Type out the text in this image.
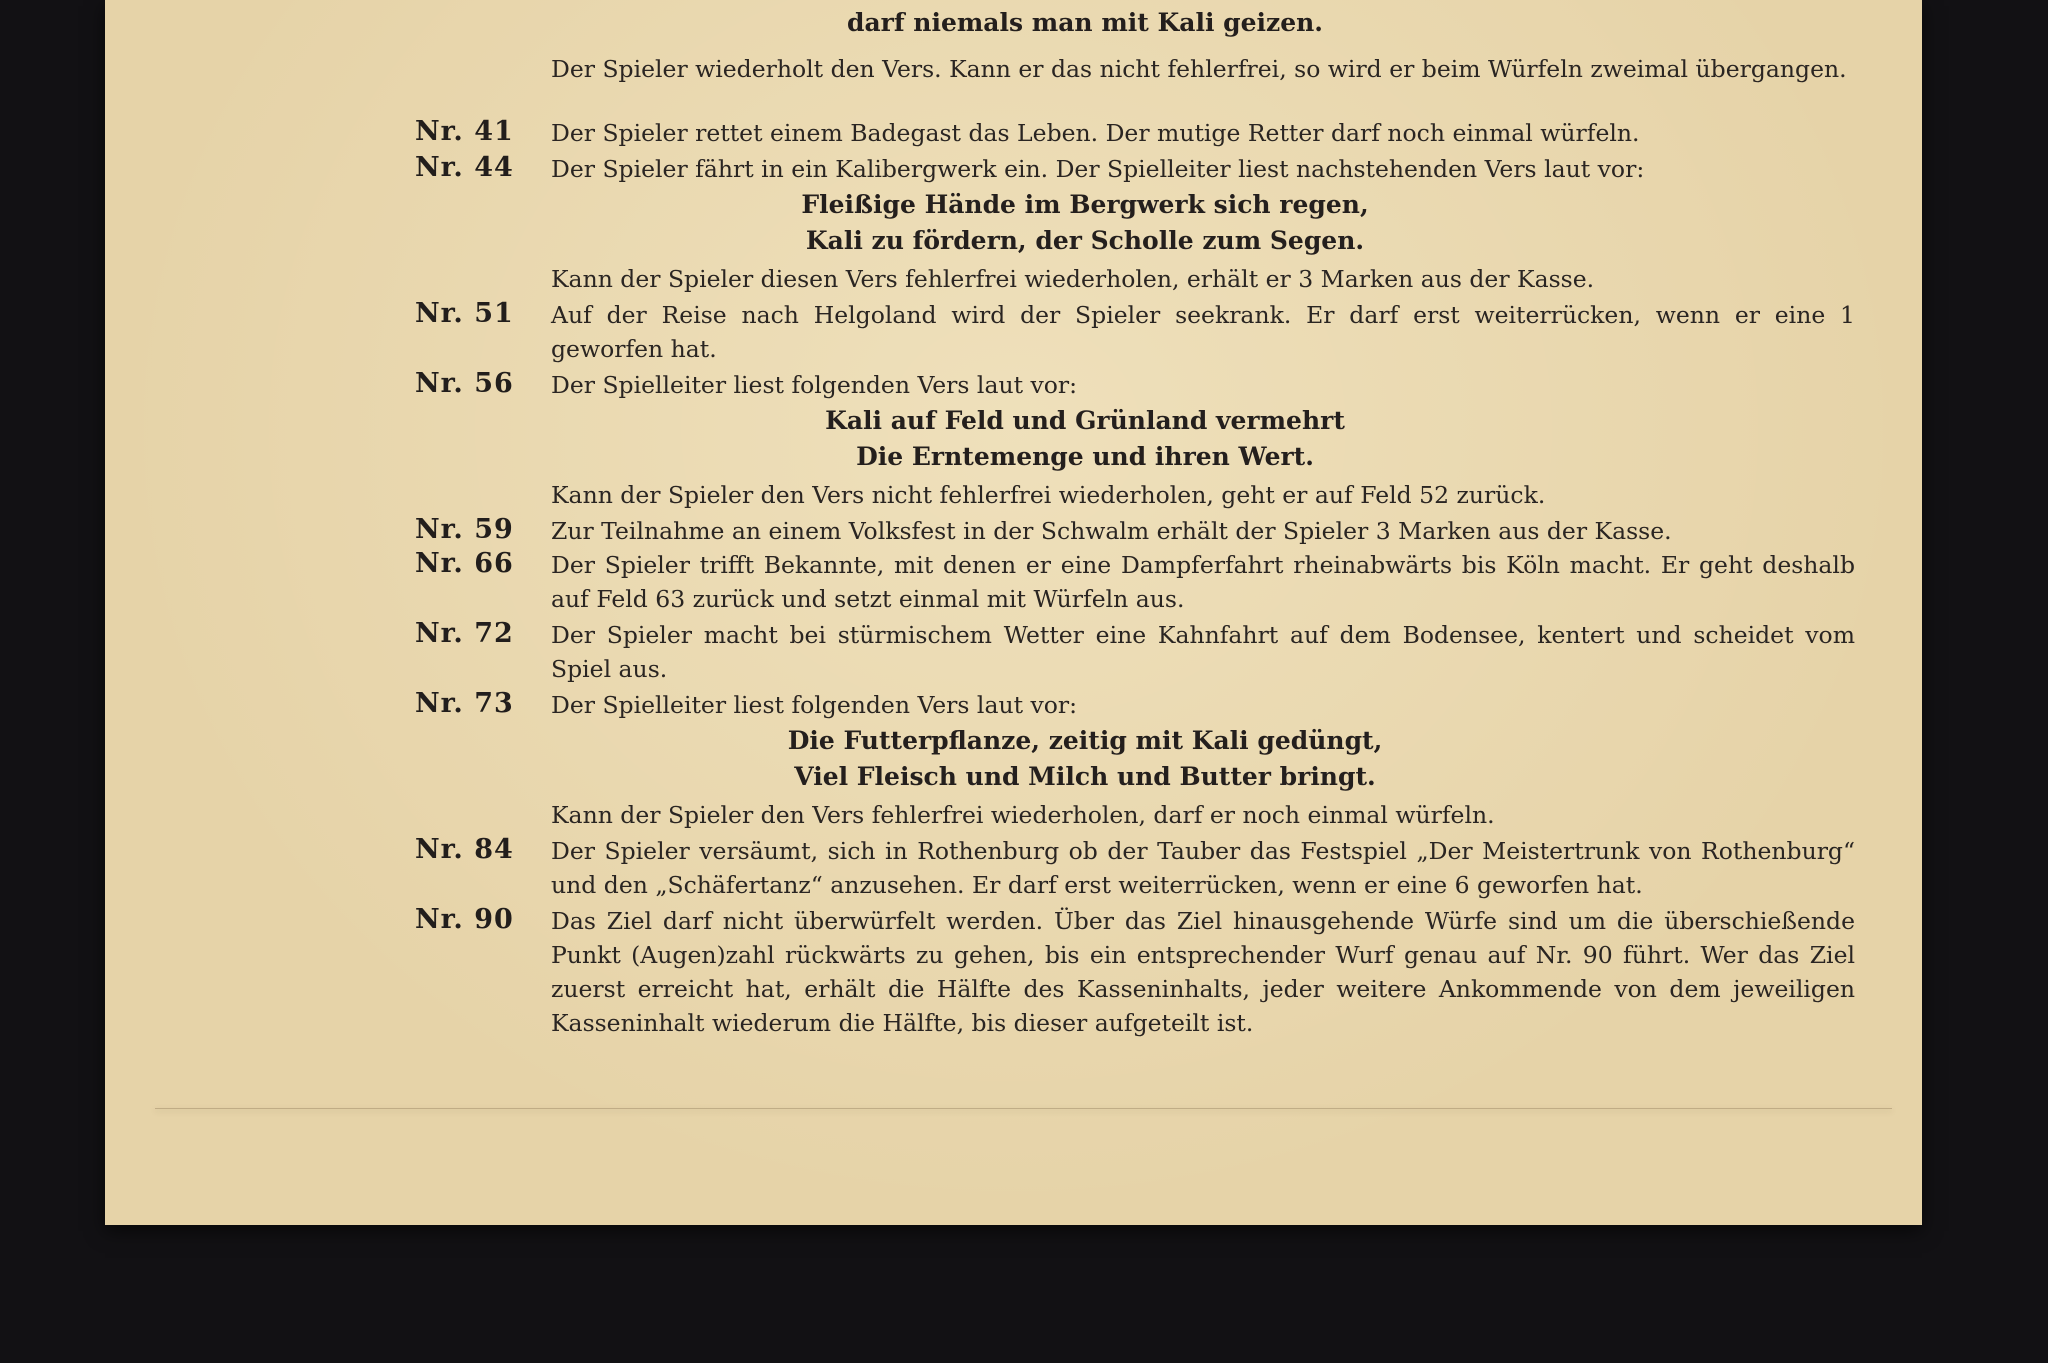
darf niemals man mit Kali geizen.
Der Spieler wiederholt den Vers. Kann er das nicht fehlerfrei, so wird er beim Würfeln zweimal übergangen.
Nr. 41	Der Spieler rettet einem Badegast das Leben. Der mutige Retter darf noch einmal würfeln.
Nr. 44	Der Spieler fährt in ein Kalibergwerk ein. Der Spielleiter liest nachstehenden Vers laut vor:
Fleißige Hände im Bergwerk sich regen,
Kali zu fördern, der Scholle zum Segen.
Kann der Spieler diesen Vers fehlerfrei wiederholen, erhält er 3 Marken aus der Kasse.
Nr. 51	Auf der Reise nach Helgoland wird der Spieler seekrank. Er darf erst weiterrücken, wenn er eine 1 geworfen hat.
Nr. 56	Der Spielleiter liest folgenden Vers laut vor:
Kali auf Feld und Grünland vermehrt
Die Erntemenge und ihren Wert.
Kann der Spieler den Vers nicht fehlerfrei wiederholen, geht er auf Feld 52 zurück.
Nr. 59	Zur Teilnahme an einem Volksfest in der Schwalm erhält der Spieler 3 Marken aus der Kasse.
Nr. 66	Der Spieler trifft Bekannte, mit denen er eine Dampferfahrt rheinabwärts bis Köln macht. Er geht deshalb auf Feld 63 zurück und setzt einmal mit Würfeln aus.
Nr. 72	Der Spieler macht bei stürmischem Wetter eine Kahnfahrt auf dem Bodensee, kentert und scheidet vom Spiel aus.
Nr. 73	Der Spielleiter liest folgenden Vers laut vor:
Die Futterpflanze, zeitig mit Kali gedüngt,
Viel Fleisch und Milch und Butter bringt.
Kann der Spieler den Vers fehlerfrei wiederholen, darf er noch einmal würfeln.
Nr. 84	Der Spieler versäumt, sich in Rothenburg ob der Tauber das Festspiel „Der Meistertrunk von Rothenburg“ und den „Schäfertanz“ anzusehen. Er darf erst weiterrücken, wenn er eine 6 geworfen hat.
Nr. 90	Das Ziel darf nicht überwürfelt werden. Über das Ziel hinausgehende Würfe sind um die überschießende Punkt (Augen)zahl rückwärts zu gehen, bis ein entsprechender Wurf genau auf Nr. 90 führt. Wer das Ziel zuerst erreicht hat, erhält die Hälfte des Kasseninhalts, jeder weitere Ankommende von dem jeweiligen Kasseninhalt wiederum die Hälfte, bis dieser aufgeteilt ist.
